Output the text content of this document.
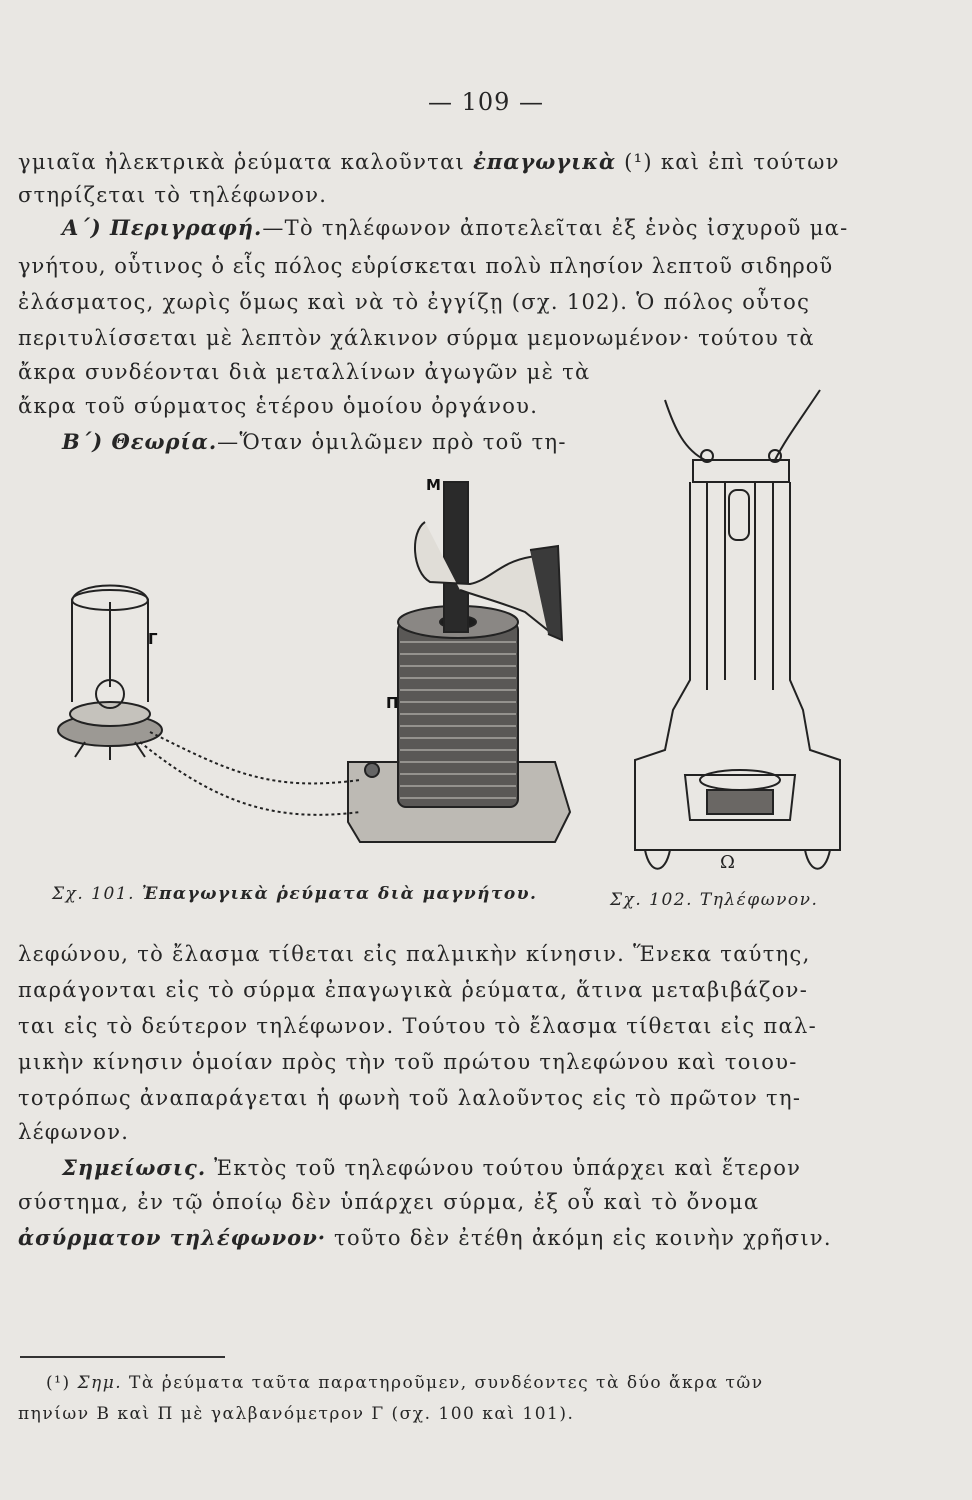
— 109 —
γμιαῖα ἠλεκτρικὰ ῥεύματα καλοῦνται ἐπαγωγικὰ (¹) καὶ ἐπὶ τούτων
στηρίζεται τὸ τηλέφωνον.
Α΄) Περιγραφή.—Τὸ τηλέφωνον ἀποτελεῖται ἐξ ἑνὸς ἰσχυροῦ μα-
γνήτου, οὗτινος ὁ εἷς πόλος εὑρίσκεται πολὺ πλησίον λεπτοῦ σιδηροῦ
ἐλάσματος, χωρὶς ὅμως καὶ νὰ τὸ ἐγγίζῃ (σχ. 102). Ὁ πόλος οὗτος
περιτυλίσσεται μὲ λεπτὸν χάλκινον σύρμα μεμονωμένον· τούτου τὰ
ἄκρα συνδέονται διὰ μεταλλίνων ἀγωγῶν μὲ τὰ
ἄκρα τοῦ σύρματος ἑτέρου ὁμοίου ὀργάνου.
Β΄) Θεωρία.—Ὅταν ὁμιλῶμεν πρὸ τοῦ τη-
Μ
Γ
Π
Ω
Σχ. 101. Ἐπαγωγικὰ ῥεύματα διὰ μαγνήτου.	Σχ. 102. Τηλέφωνον.
λεφώνου, τὸ ἔλασμα τίθεται εἰς παλμικὴν κίνησιν. Ἕνεκα ταύτης,
παράγονται εἰς τὸ σύρμα ἐπαγωγικὰ ῥεύματα, ἅτινα μεταβιβάζον-
ται εἰς τὸ δεύτερον τηλέφωνον. Τούτου τὸ ἔλασμα τίθεται εἰς παλ-
μικὴν κίνησιν ὁμοίαν πρὸς τὴν τοῦ πρώτου τηλεφώνου καὶ τοιου-
τοτρόπως ἀναπαράγεται ἡ φωνὴ τοῦ λαλοῦντος εἰς τὸ πρῶτον τη-
λέφωνον.
Σημείωσις. Ἐκτὸς τοῦ τηλεφώνου τούτου ὑπάρχει καὶ ἕτερον
σύστημα, ἐν τῷ ὁποίῳ δὲν ὑπάρχει σύρμα, ἐξ οὗ καὶ τὸ ὄνομα
ἀσύρματον τηλέφωνον· τοῦτο δὲν ἐτέθη ἀκόμη εἰς κοινὴν χρῆσιν.
(¹) Σημ. Τὰ ῥεύματα ταῦτα παρατηροῦμεν, συνδέοντες τὰ δύο ἄκρα τῶν
πηνίων Β καὶ Π μὲ γαλβανόμετρον Γ (σχ. 100 καὶ 101).
